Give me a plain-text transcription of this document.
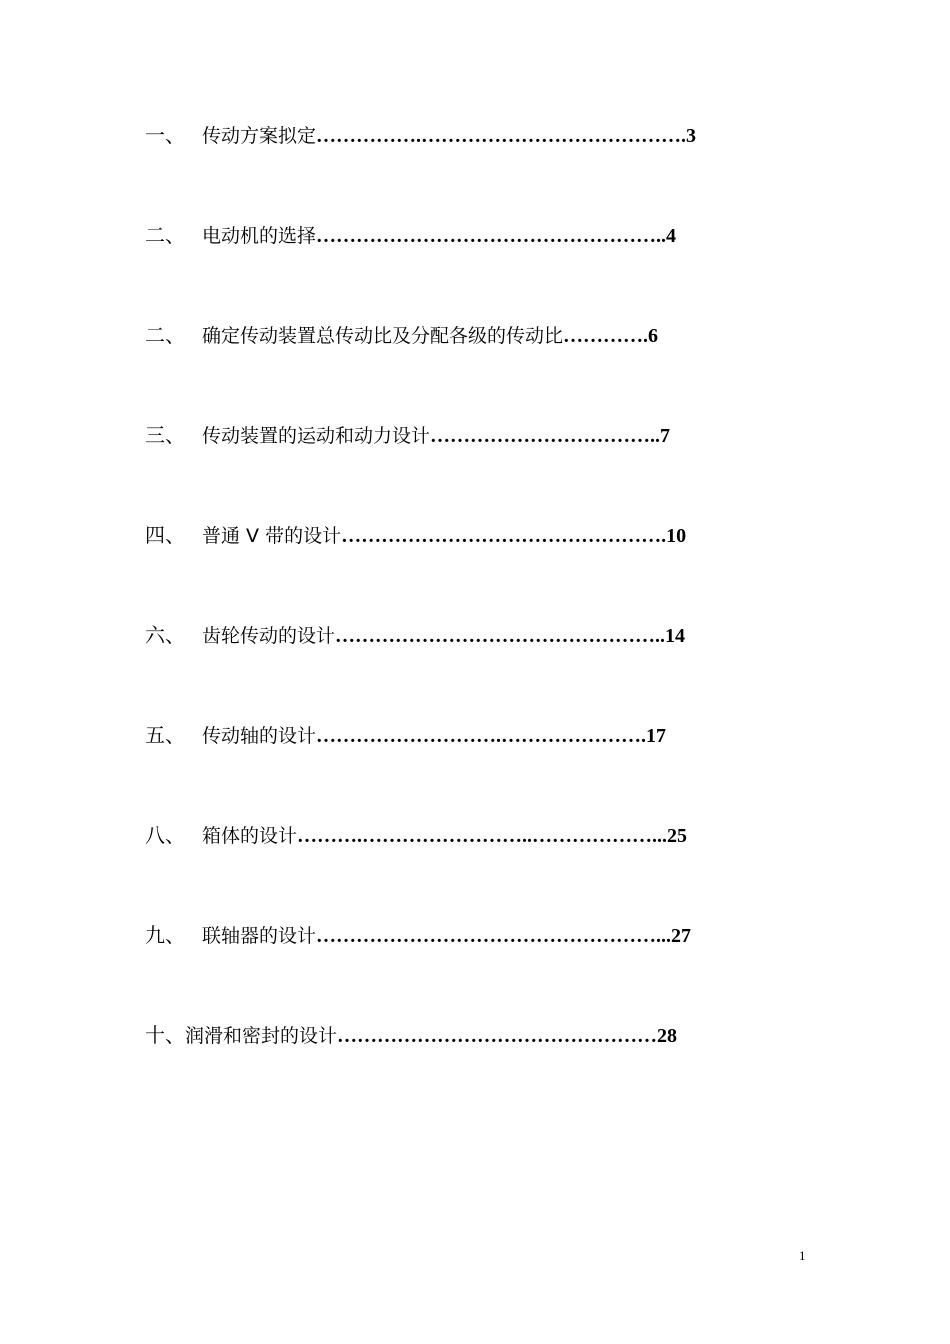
一、 传动方案拟定…………….………………………………….3
二、 电动机的选择……………………………………………..4
二、 确定传动装置总传动比及分配各级的传动比………….6
三、 传动装置的运动和动力设计……………………………..7
四、 普通 V 带的设计………………………………………….10
六、 齿轮传动的设计…………………………………………..14
五、 传动轴的设计……………………….………………….17
八、 箱体的设计……….……………………..………………...25
九、 联轴器的设计……………………………………………...27
十、润滑和密封的设计…………………………………………28
1
